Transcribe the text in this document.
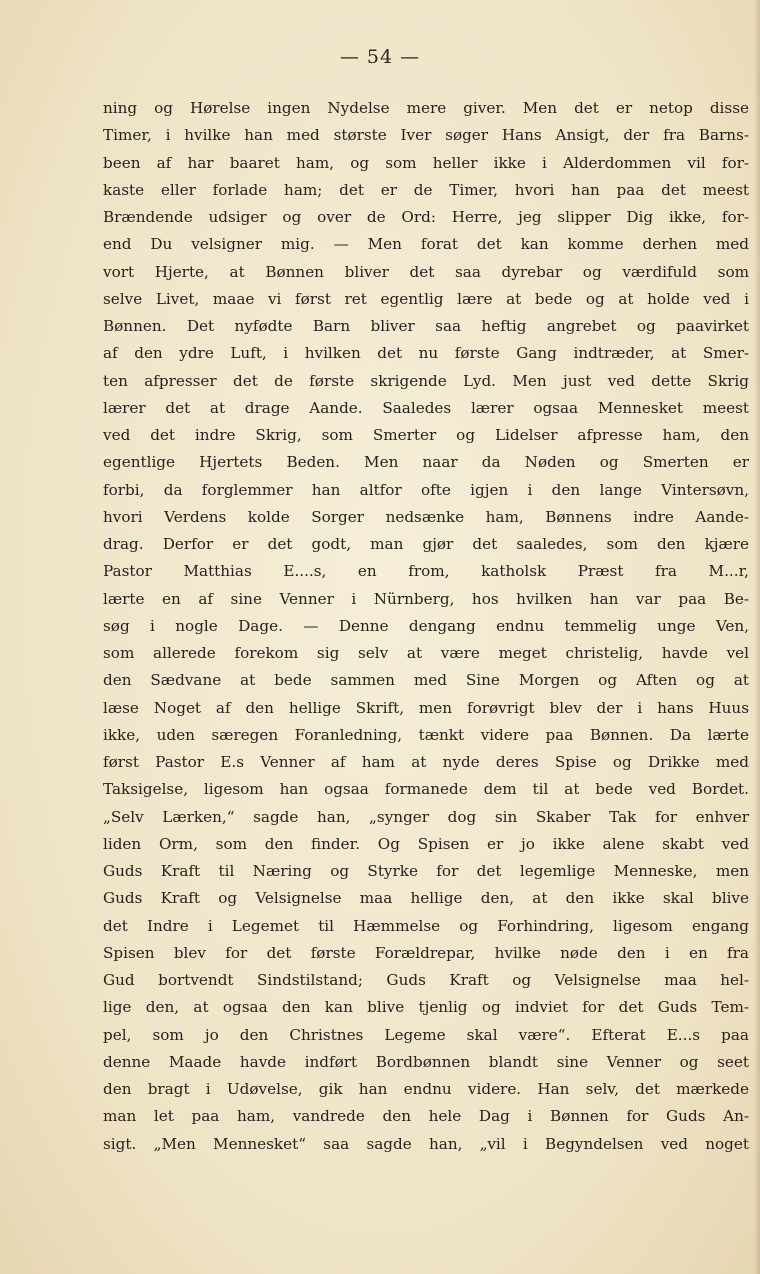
— 54 —
ning og Hørelse ingen Nydelse mere giver. Men det er netop disse
Timer, i hvilke han med største Iver søger Hans Ansigt, der fra Barns-
been af har baaret ham, og som heller ikke i Alderdommen vil for-
kaste eller forlade ham; det er de Timer, hvori han paa det meest
Brændende udsiger og over de Ord: Herre, jeg slipper Dig ikke, for-
end Du velsigner mig. — Men forat det kan komme derhen med
vort Hjerte, at Bønnen bliver det saa dyrebar og værdifuld som
selve Livet, maae vi først ret egentlig lære at bede og at holde ved i
Bønnen. Det nyfødte Barn bliver saa heftig angrebet og paavirket
af den ydre Luft, i hvilken det nu første Gang indtræder, at Smer-
ten afpresser det de første skrigende Lyd. Men just ved dette Skrig
lærer det at drage Aande. Saaledes lærer ogsaa Mennesket meest
ved det indre Skrig, som Smerter og Lidelser afpresse ham, den
egentlige Hjertets Beden. Men naar da Nøden og Smerten er
forbi, da forglemmer han altfor ofte igjen i den lange Vintersøvn,
hvori Verdens kolde Sorger nedsænke ham, Bønnens indre Aande-
drag. Derfor er det godt, man gjør det saaledes, som den kjære
Pastor Matthias E....s, en from, katholsk Præst fra M...r,
lærte en af sine Venner i Nürnberg, hos hvilken han var paa Be-
søg i nogle Dage. — Denne dengang endnu temmelig unge Ven,
som allerede forekom sig selv at være meget christelig, havde vel
den Sædvane at bede sammen med Sine Morgen og Aften og at
læse Noget af den hellige Skrift, men forøvrigt blev der i hans Huus
ikke, uden særegen Foranledning, tænkt videre paa Bønnen. Da lærte
først Pastor E.s Venner af ham at nyde deres Spise og Drikke med
Taksigelse, ligesom han ogsaa formanede dem til at bede ved Bordet.
„Selv Lærken,“ sagde han, „synger dog sin Skaber Tak for enhver
liden Orm, som den finder. Og Spisen er jo ikke alene skabt ved
Guds Kraft til Næring og Styrke for det legemlige Menneske, men
Guds Kraft og Velsignelse maa hellige den, at den ikke skal blive
det Indre i Legemet til Hæmmelse og Forhindring, ligesom engang
Spisen blev for det første Forældrepar, hvilke nøde den i en fra
Gud bortvendt Sindstilstand; Guds Kraft og Velsignelse maa hel-
lige den, at ogsaa den kan blive tjenlig og indviet for det Guds Tem-
pel, som jo den Christnes Legeme skal være“. Efterat E...s paa
denne Maade havde indført Bordbønnen blandt sine Venner og seet
den bragt i Udøvelse, gik han endnu videre. Han selv, det mærkede
man let paa ham, vandrede den hele Dag i Bønnen for Guds An-
sigt. „Men Mennesket“ saa sagde han, „vil i Begyndelsen ved noget
